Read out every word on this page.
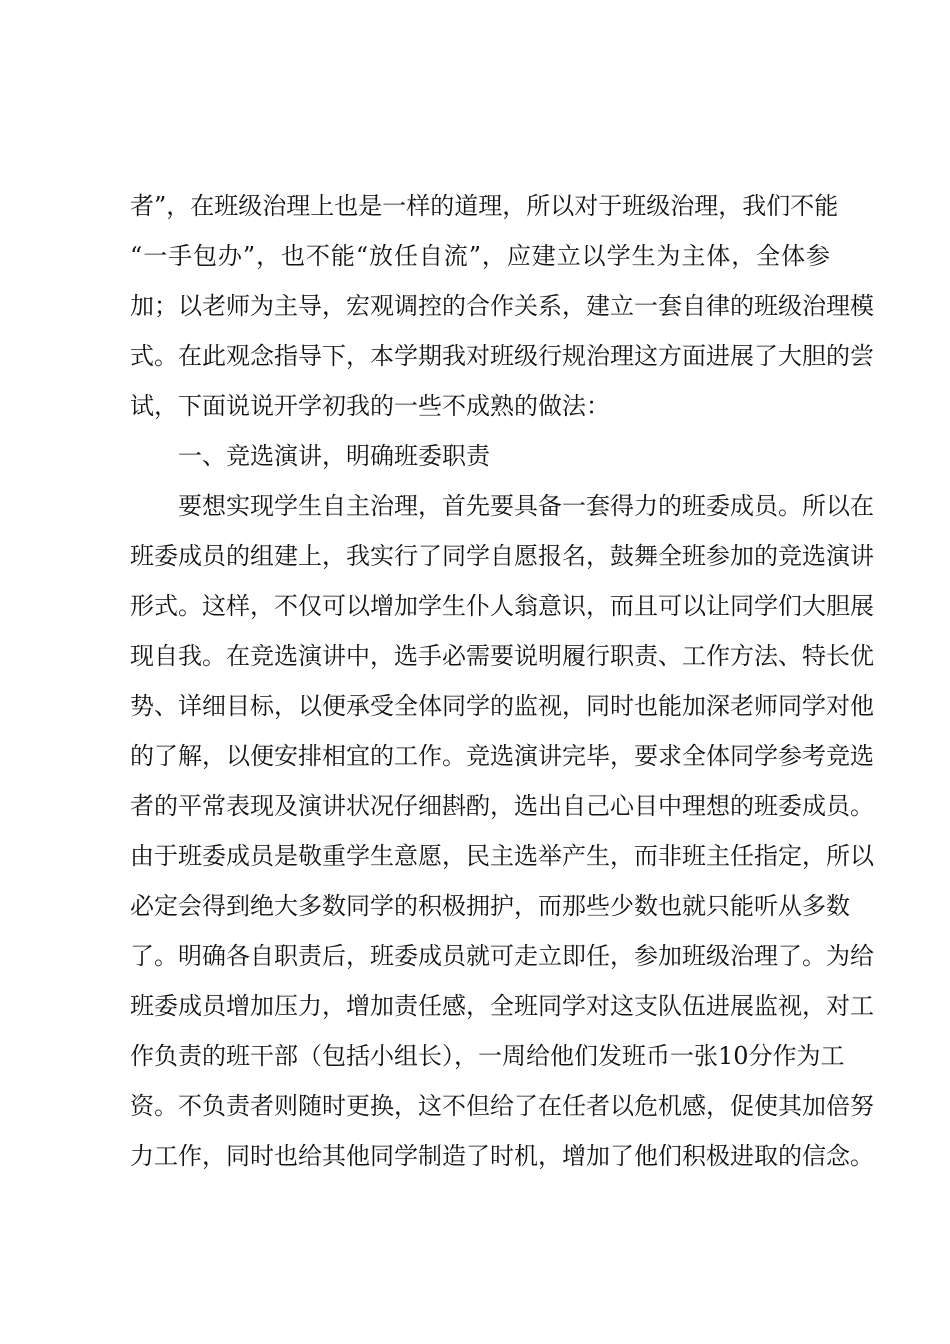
者”，在班级治理上也是一样的道理，所以对于班级治理，我们不能
“一手包办”，也不能“放任自流”，应建立以学生为主体，全体参
加；以老师为主导，宏观调控的合作关系，建立一套自律的班级治理模
式。在此观念指导下，本学期我对班级行规治理这方面进展了大胆的尝
试，下面说说开学初我的一些不成熟的做法：
一、竞选演讲，明确班委职责
要想实现学生自主治理，首先要具备一套得力的班委成员。所以在
班委成员的组建上，我实行了同学自愿报名，鼓舞全班参加的竞选演讲
形式。这样，不仅可以增加学生仆人翁意识，而且可以让同学们大胆展
现自我。在竞选演讲中，选手必需要说明履行职责、工作方法、特长优
势、详细目标，以便承受全体同学的监视，同时也能加深老师同学对他
的了解，以便安排相宜的工作。竞选演讲完毕，要求全体同学参考竞选
者的平常表现及演讲状况仔细斟酌，选出自己心目中理想的班委成员。
由于班委成员是敬重学生意愿，民主选举产生，而非班主任指定，所以
必定会得到绝大多数同学的积极拥护，而那些少数也就只能听从多数
了。明确各自职责后，班委成员就可走立即任，参加班级治理了。为给
班委成员增加压力，增加责任感，全班同学对这支队伍进展监视，对工
作负责的班干部（包括小组长），一周给他们发班币一张10分作为工
资。不负责者则随时更换，这不但给了在任者以危机感，促使其加倍努
力工作，同时也给其他同学制造了时机，增加了他们积极进取的信念。
